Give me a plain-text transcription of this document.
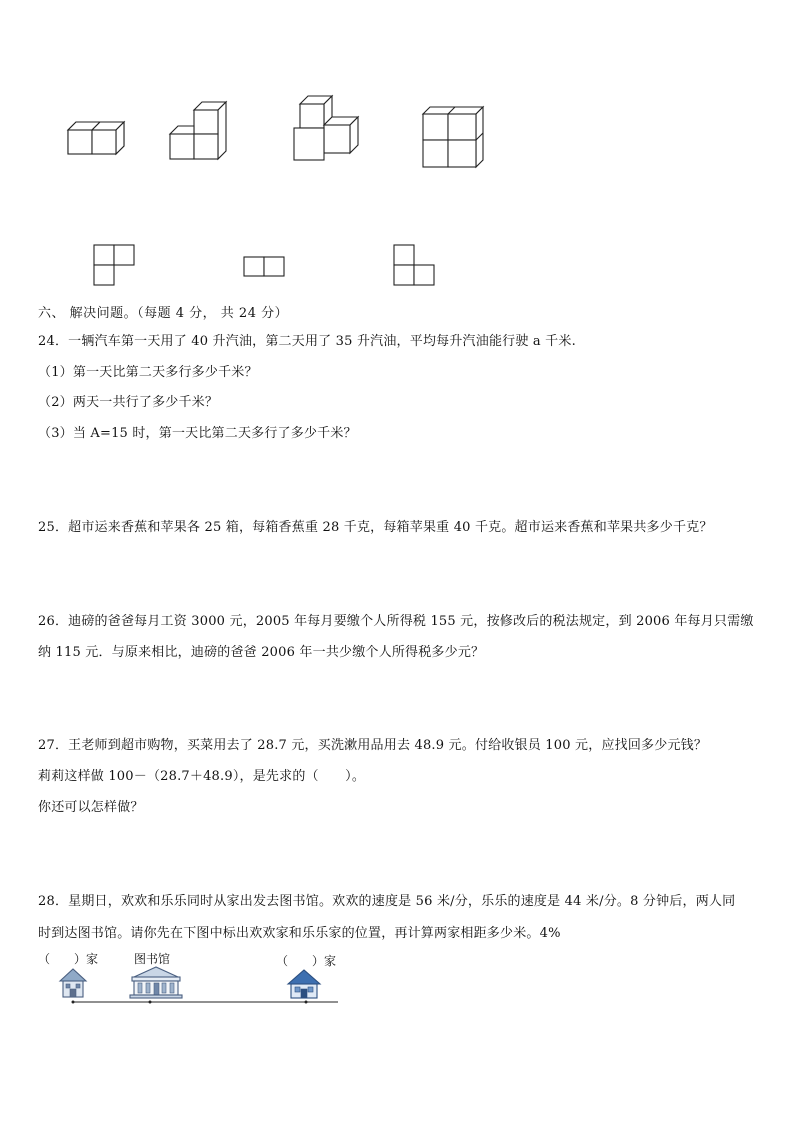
六、 解决问题。（每题 4 分， 共 24 分）
24．一辆汽车第一天用了 40 升汽油，第二天用了 35 升汽油，平均每升汽油能行驶 a 千米.
（1）第一天比第二天多行多少千米？
（2）两天一共行了多少千米？
（3）当 A=15 时，第一天比第二天多行了多少千米？
25．超市运来香蕉和苹果各 25 箱，每箱香蕉重 28 千克，每箱苹果重 40 千克。超市运来香蕉和苹果共多少千克？
26．迪磅的爸爸每月工资 3000 元，2005 年每月要缴个人所得税 155 元，按修改后的税法规定，到 2006 年每月只需缴
纳 115 元．与原来相比，迪磅的爸爸 2006 年一共少缴个人所得税多少元？
27．王老师到超市购物，买菜用去了 28.7 元，买洗漱用品用去 48.9 元。付给收银员 100 元，应找回多少元钱？
莉莉这样做 100－（28.7＋48.9），是先求的（　　）。
你还可以怎样做？
28．星期日，欢欢和乐乐同时从家出发去图书馆。欢欢的速度是 56 米/分，乐乐的速度是 44 米/分。8 分钟后，两人同
时到达图书馆。请你先在下图中标出欢欢家和乐乐家的位置，再计算两家相距多少米。4%
（　　）家	图书馆	（　　）家
